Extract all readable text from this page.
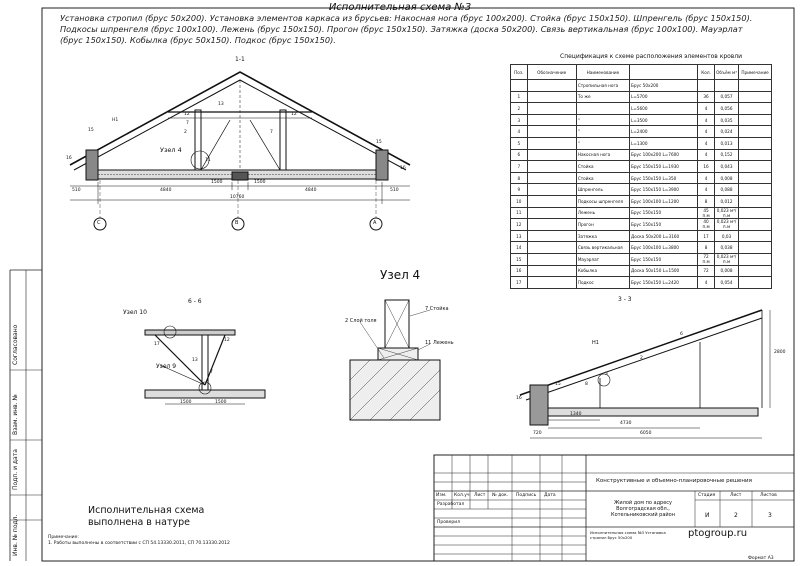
1-1
Узел 4
510	4840
1500	1500
4840	510
10760
С	В	А
15
Н1
12
13
2
7
11
12
7
15
16
16
6 - 6
Узел 10
Узел 9
17
12
13
7
1500	1500
Узел 4
2 Слой толя
7 Стойка
11 Лежень
3 - 3
Н1
6
2
3
15	8
16
1340
4730
720	6050
2800
Исполнительная схема №3
Установка стропил (брус 50х200). Установка элементов каркаса из брусьев: Накосная нога (брус 100х200). Стойка (брус 150х150). Шпренгель (брус 150х150). Подкосы шпренгеля (брус 100х100). Лежень (брус 150х150). Прогон (брус 150х150). Затяжка (доска 50х200). Связь вертикальная (брус 100х100). Мауэрлат (брус 150х150). Кобылка (брус 50х150). Подкос (брус 150х150).
Спецификация к схеме расположения элементов кровли
Поз.	Обозначение	Наименование		Кол.	Объём м³	Примечание
		Стропильная нога	Брус 50х200			
1		То же	L=5700	36	0,057	
2			L=5600	4	0,056	
3		"	L=3500	4	0,035	
4		"	L=2400	4	0,024	
5		"	L=1300	4	0,013	
6		Накосная нога	Брус 100х200 L=7600	4	0,152	
7		Стойка	Брус 150х150 L=1930	16	0,043	
8		Стойка	Брус 150х150 L=350	4	0,008	
9		Шпренгель	Брус 150х150 L=3900	4	0,088	
10		Подкосы шпренгеля	Брус 100х100 L=1200	8	0,012	
11		Лежень	Брус 150х150	45 п.м	0,023 м³/п.м	
12		Прогон	Брус 150х150	40 п.м	0,023 м³/п.м	
13		Затяжка	Доска 50х200 L=3160	17	0,03	
14		Связь вертикальная	Брус 100х100 L=3800	8	0,038	
15		Мауэрлат	Брус 150х150	72 п.м	0,023 м³/п.м	
16		Кобылка	Доска 50х150 L=1500	72	0,008	
17		Подкос	Брус 150х150 L=2420	4	0,054	
Исполнительная схема
выполнена в натуре
Примечание:
1. Работы выполнены в соответствии с СП 54.13330.2011, СП 70.13330.2012
Изм. Кол.уч Лист № док. Подпись Дата
Разработал
Проверил
Конструктивные и объемно-планировочные решения
Жилой дом по адресу
Волгоградская обл., Котельниковский район
Стадия	Лист	Листов
И	2	3
Исполнительная схема №3 Установка стропил брус 50х200	ptogroup.ru
Формат А3
Согласовано
Взам. инв. №
Подп. и дата
Инв. № подл.
